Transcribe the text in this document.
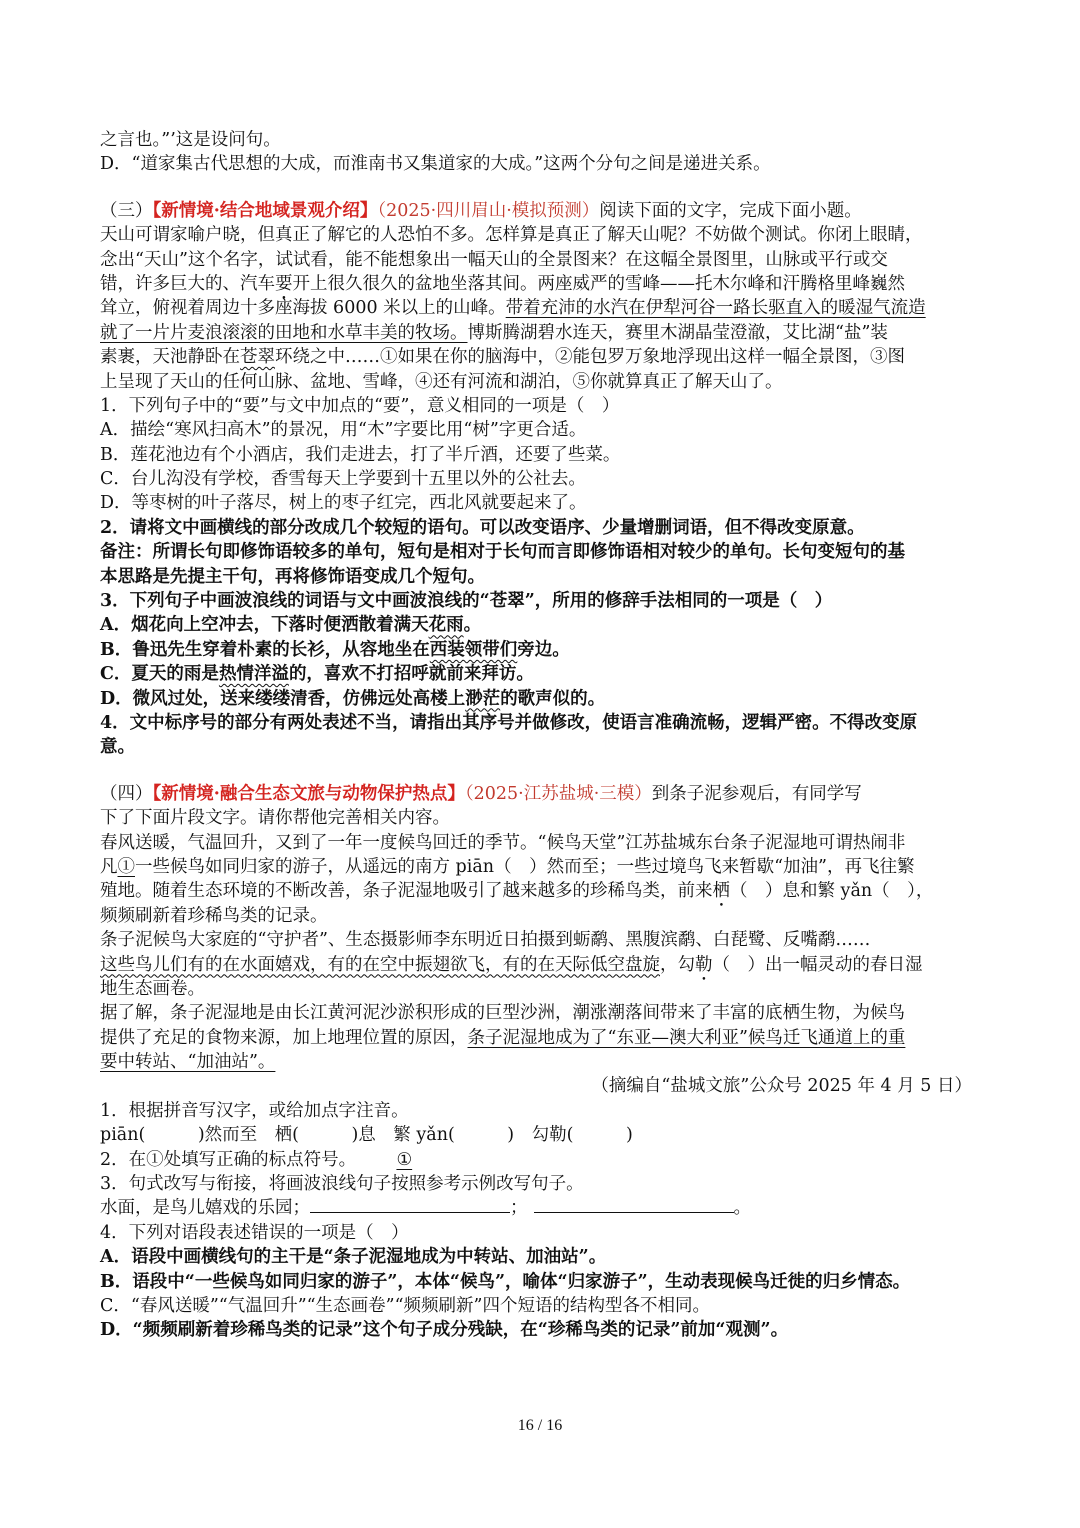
之言也。”’这是设问句。
D．“道家集古代思想的大成，而淮南书又集道家的大成。”这两个分句之间是递进关系。
（三）【新情境·结合地域景观介绍】（2025·四川眉山·模拟预测）阅读下面的文字，完成下面小题。
天山可谓家喻户晓，但真正了解它的人恐怕不多。怎样算是真正了解天山呢？不妨做个测试。你闭上眼睛，
念出“天山”这个名字，试试看，能不能想象出一幅天山的全景图来？在这幅全景图里，山脉或平行或交
错，许多巨大的、汽车要开上很久很久的盆地坐落其间。两座威严的雪峰——托木尔峰和汗腾格里峰巍然
耸立，俯视着周边十多座海拔 6000 米以上的山峰。带着充沛的水汽在伊犁河谷一路长驱直入的暖湿气流造
就了一片片麦浪滚滚的田地和水草丰美的牧场。博斯腾湖碧水连天，赛里木湖晶莹澄澈，艾比湖“盐”装
素裹，天池静卧在苍翠环绕之中……①如果在你的脑海中，②能包罗万象地浮现出这样一幅全景图，③图
上呈现了天山的任何山脉、盆地、雪峰，④还有河流和湖泊，⑤你就算真正了解天山了。
1．下列句子中的“要”与文中加点的“要”，意义相同的一项是（　）
A．描绘“寒风扫高木”的景况，用“木”字要比用“树”字更合适。
B．莲花池边有个小酒店，我们走进去，打了半斤酒，还要了些菜。
C．台儿沟没有学校，香雪每天上学要到十五里以外的公社去。
D．等枣树的叶子落尽，树上的枣子红完，西北风就要起来了。
2．请将文中画横线的部分改成几个较短的语句。可以改变语序、少量增删词语，但不得改变原意。
备注：所谓长句即修饰语较多的单句，短句是相对于长句而言即修饰语相对较少的单句。长句变短句的基
本思路是先提主干句，再将修饰语变成几个短句。
3．下列句子中画波浪线的词语与文中画波浪线的“苍翠”，所用的修辞手法相同的一项是（　）
A．烟花向上空冲去，下落时便洒散着满天花雨。
B．鲁迅先生穿着朴素的长衫，从容地坐在西装领带们旁边。
C．夏天的雨是热情洋溢的，喜欢不打招呼就前来拜访。
D．微风过处，送来缕缕清香，仿佛远处高楼上渺茫的歌声似的。
4．文中标序号的部分有两处表述不当，请指出其序号并做修改，使语言准确流畅，逻辑严密。不得改变原
意。
（四）【新情境·融合生态文旅与动物保护热点】（2025·江苏盐城·三模）到条子泥参观后，有同学写
下了下面片段文字。请你帮他完善相关内容。
春风送暖，气温回升，又到了一年一度候鸟回迁的季节。“候鸟天堂”江苏盐城东台条子泥湿地可谓热闹非
凡①一些候鸟如同归家的游子，从遥远的南方 piān（　）然而至；一些过境鸟飞来暂歇“加油”，再飞往繁
殖地。随着生态环境的不断改善，条子泥湿地吸引了越来越多的珍稀鸟类，前来栖（　）息和繁 yǎn（　），
频频刷新着珍稀鸟类的记录。
条子泥候鸟大家庭的“守护者”、生态摄影师李东明近日拍摄到蛎鹬、黑腹滨鹬、白琵鹭、反嘴鹬……
这些鸟儿们有的在水面嬉戏，有的在空中振翅欲飞，有的在天际低空盘旋，勾勒（　）出一幅灵动的春日湿
地生态画卷。
据了解，条子泥湿地是由长江黄河泥沙淤积形成的巨型沙洲，潮涨潮落间带来了丰富的底栖生物，为候鸟
提供了充足的食物来源，加上地理位置的原因，条子泥湿地成为了“东亚—澳大利亚”候鸟迁飞通道上的重
要中转站、“加油站”。
（摘编自“盐城文旅”公众号 2025 年 4 月 5 日）
1．根据拼音写汉字，或给加点字注音。
piān(　　　)然而至　栖(　　　)息　繁 yǎn(　　　)　勾勒(　　　)
2．在①处填写正确的标点符号。 ①
3．句式改写与衔接，将画波浪线句子按照参考示例改写句子。
水面，是鸟儿嬉戏的乐园；	；	。
4．下列对语段表述错误的一项是（　）
A．语段中画横线句的主干是“条子泥湿地成为中转站、加油站”。
B．语段中“一些候鸟如同归家的游子”，本体“候鸟”，喻体“归家游子”，生动表现候鸟迁徙的归乡情态。
C．“春风送暖”“气温回升”“生态画卷”“频频刷新”四个短语的结构型各不相同。
D．“频频刷新着珍稀鸟类的记录”这个句子成分残缺，在“珍稀鸟类的记录”前加“观测”。
16 / 16
